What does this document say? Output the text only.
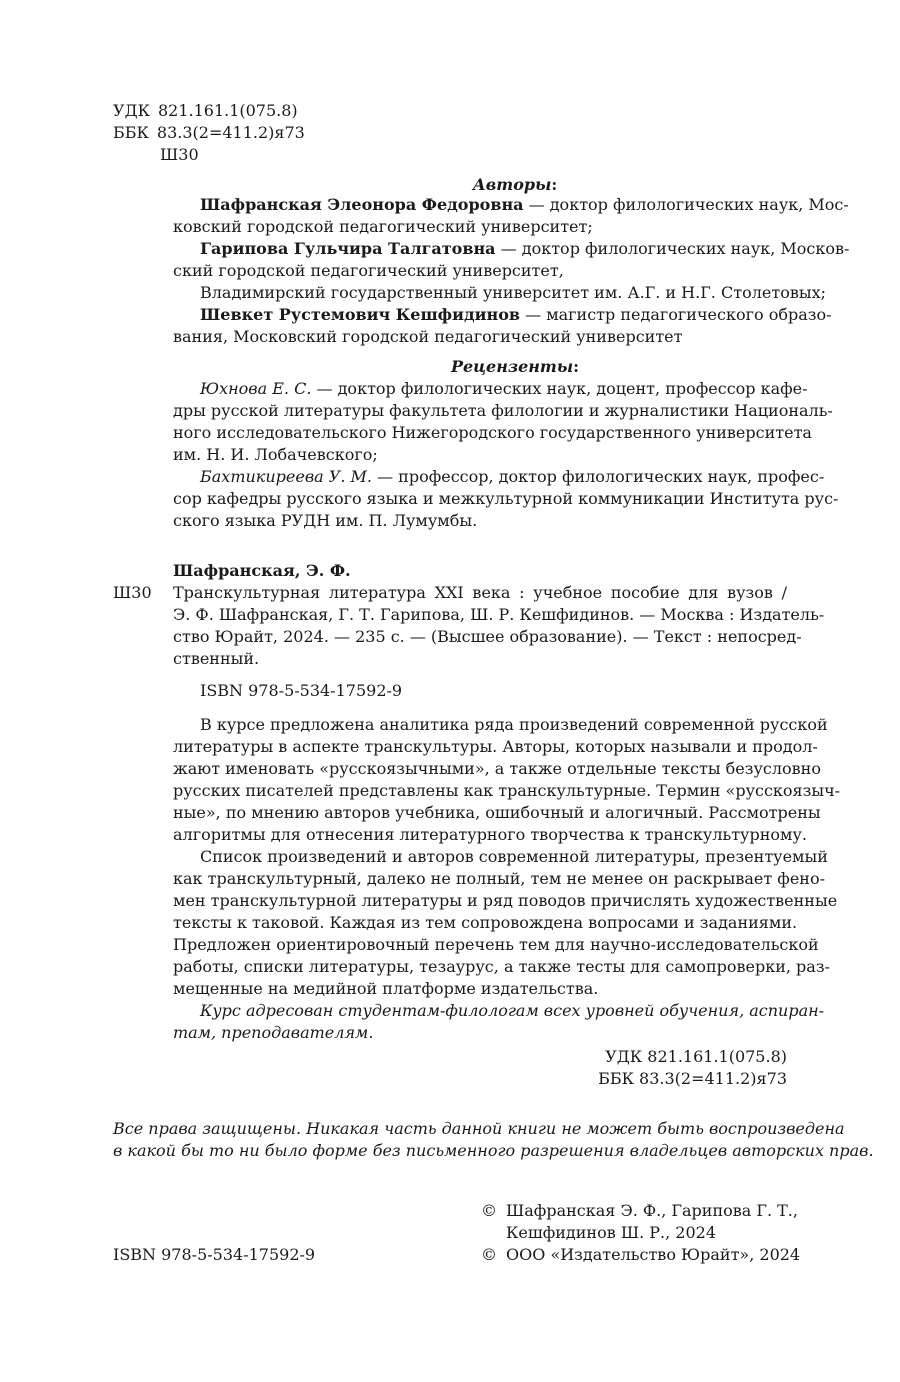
УДК 821.161.1(075.8)
ББК 83.3(2=411.2)я73
Ш30
Авторы:
Шафранская Элеонора Федоровна — доктор филологических наук, Мос-
ковский городской педагогический университет;
Гарипова Гульчира Талгатовна — доктор филологических наук, Москов-
ский городской педагогический университет,
Владимирский государственный университет им. А.Г. и Н.Г. Столетовых;
Шевкет Рустемович Кешфидинов — магистр педагогического образо-
вания, Московский городской педагогический университет
Рецензенты:
Юхнова Е. С. — доктор филологических наук, доцент, профессор кафе-
дры русской литературы факультета филологии и журналистики Националь-
ного исследовательского Нижегородского государственного университета
им. Н. И. Лобачевского;
Бахтикиреева У. М. — профессор, доктор филологических наук, профес-
сор кафедры русского языка и межкультурной коммуникации Института рус-
ского языка РУДН им. П. Лумумбы.
Шафранская, Э. Ф.
Ш30 Транскультурная литература XXI века : учебное пособие для вузов /
Э. Ф. Шафранская, Г. Т. Гарипова, Ш. Р. Кешфидинов. — Москва : Издатель-
ство Юрайт, 2024. — 235 с. — (Высшее образование). — Текст : непосред-
ственный.
ISBN 978-5-534-17592-9
В курсе предложена аналитика ряда произведений современной русской
литературы в аспекте транскультуры. Авторы, которых называли и продол-
жают именовать «русскоязычными», а также отдельные тексты безусловно
русских писателей представлены как транскультурные. Термин «русскоязыч-
ные», по мнению авторов учебника, ошибочный и алогичный. Рассмотрены
алгоритмы для отнесения литературного творчества к транскультурному.
Список произведений и авторов современной литературы, презентуемый
как транскультурный, далеко не полный, тем не менее он раскрывает фено-
мен транскультурной литературы и ряд поводов причислять художественные
тексты к таковой. Каждая из тем сопровождена вопросами и заданиями.
Предложен ориентировочный перечень тем для научно-исследовательской
работы, списки литературы, тезаурус, а также тесты для самопроверки, раз-
мещенные на медийной платформе издательства.
Курс адресован студентам-филологам всех уровней обучения, аспиран-
там, преподавателям.
УДК 821.161.1(075.8)
ББК 83.3(2=411.2)я73
Все права защищены. Никакая часть данной книги не может быть воспроизведена
в какой бы то ни было форме без письменного разрешения владельцев авторских прав.
ISBN 978-5-534-17592-9
© Шафранская Э. Ф., Гарипова Г. Т.,
Кешфидинов Ш. Р., 2024
© ООО «Издательство Юрайт», 2024
